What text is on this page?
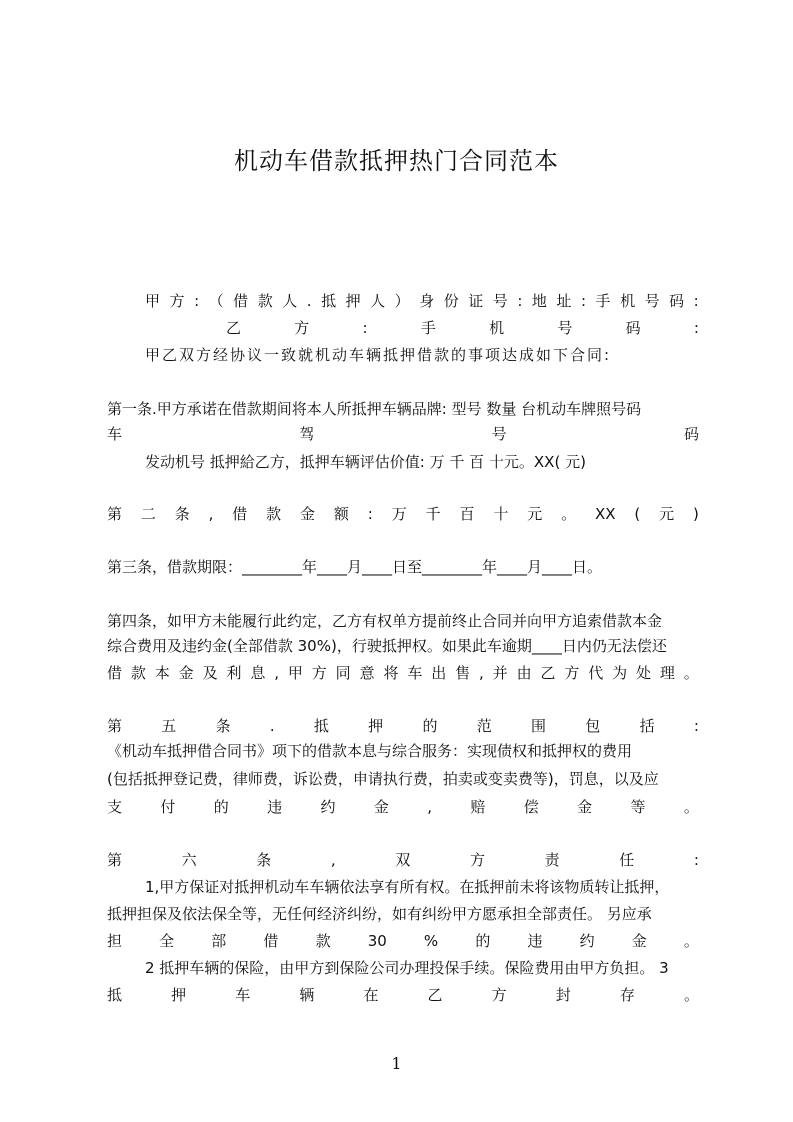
机动车借款抵押热门合同范本
甲 方 : （ 借 款 人 . 抵 押 人 ） 身 份 证 号 : 地 址 : 手 机 号 码 :
乙	方	:	手	机	号	码	:
甲乙双方经协议一致就机动车辆抵押借款的事项达成如下合同:
第一条.甲方承诺在借款期间将本人所抵押车辆品牌: 型号 数量 台机动车牌照号码
车	驾	号	码
发动机号 抵押給乙方，抵押车辆评估价值: 万 千 百 十元。XX( 元)
第 二 条 , 借 款 金 额 : 万 千 百 十 元 。 XX ( 元 )
第三条，借款期限：________年____月____日至________年____月____日。
第四条，如甲方未能履行此约定，乙方有权单方提前终止合同并向甲方追索借款本金
综合费用及违约金(全部借款 30%)，行驶抵押权。如果此车逾期____日内仍无法偿还
借 款 本 金 及 利 息 , 甲 方 同 意 将 车 出 售 , 并 由 乙 方 代 为 处 理 。
第	五	条	.	抵	押	的	范	围	包	括	:
《机动车抵押借合同书》项下的借款本息与综合服务：实现债权和抵押权的费用
(包括抵押登记费，律师费，诉讼费，申请执行费，拍卖或变卖费等)，罚息，以及应
支	付	的	违	约	金	,	赔	偿	金	等	。
第	六	条	,	双	方	责	任	:
1,甲方保证对抵押机动车车辆依法享有所有权。在抵押前未将该物质转让抵押，
抵押担保及依法保全等，无任何经济纠纷，如有纠纷甲方愿承担全部责任。 另应承
担 全 部 借 款 30 % 的 违 约 金 。
2 抵押车辆的保险，由甲方到保险公司办理投保手续。保险费用由甲方负担。 3
抵	押	车	辆	在	乙	方	封	存	。
1
